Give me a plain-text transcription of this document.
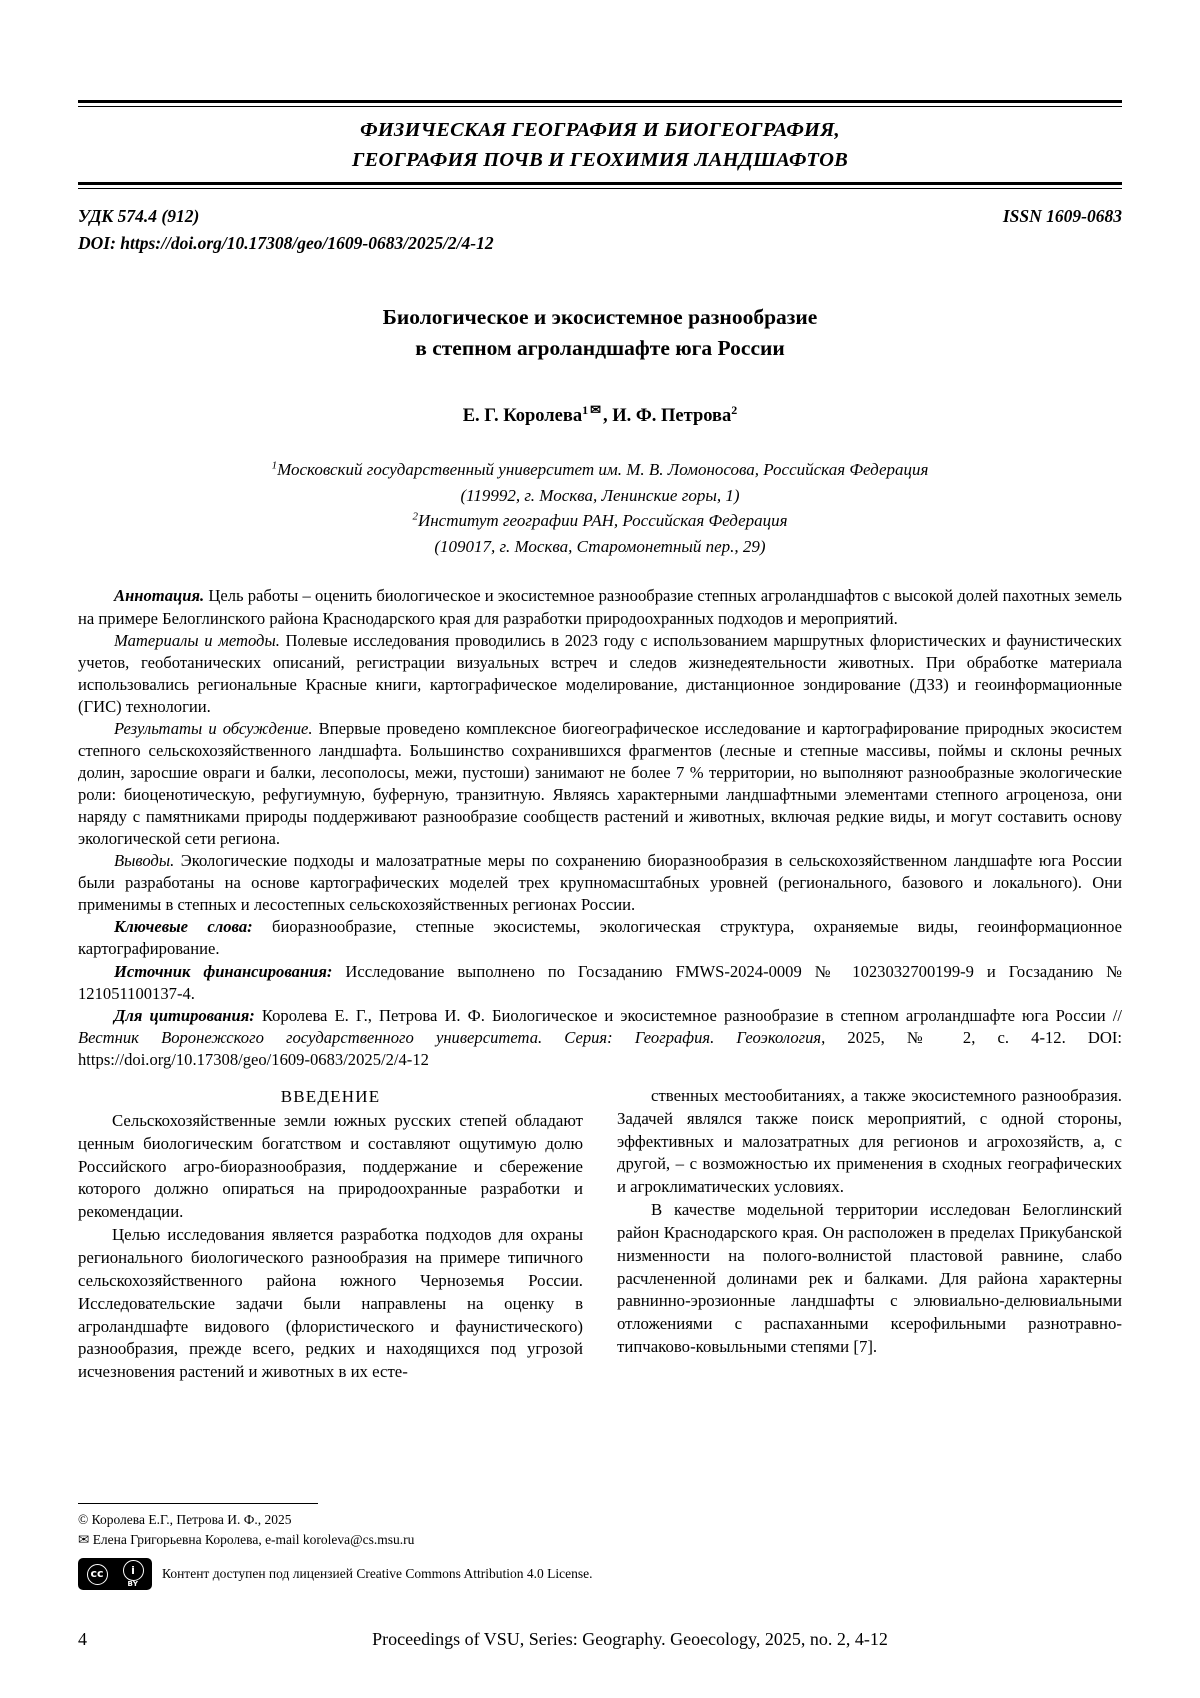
ФИЗИЧЕСКАЯ ГЕОГРАФИЯ И БИОГЕОГРАФИЯ,
ГЕОГРАФИЯ ПОЧВ И ГЕОХИМИЯ ЛАНДШАФТОВ
УДК 574.4 (912)
DOI: https://doi.org/10.17308/geo/1609-0683/2025/2/4-12
ISSN 1609-0683
Биологическое и экосистемное разнообразие
в степном агроландшафте юга России
Е. Г. Королева$^1$ ✉ , И. Ф. Петрова$^2$
$^1$Московский государственный университет им. М. В. Ломоносова, Российская Федерация
(119992, г. Москва, Ленинские горы, 1)
$^2$Институт географии РАН, Российская Федерация
(109017, г. Москва, Старомонетный пер., 29)

Аннотация. Цель работы – оценить биологическое и экосистемное разнообразие степных агроландшафтов с высокой долей пахотных земель на примере Белоглинского района Краснодарского края для разработки природоохранных подходов и мероприятий.

Материалы и методы. Полевые исследования проводились в 2023 году с использованием маршрутных флористических и фаунистических учетов, геоботанических описаний, регистрации визуальных встреч и следов жизнедеятельности животных. При обработке материала использовались региональные Красные книги, картографическое моделирование, дистанционное зондирование (ДЗЗ) и геоинформационные (ГИС) технологии.

Результаты и обсуждение. Впервые проведено комплексное биогеографическое исследование и картографирование природных экосистем степного сельскохозяйственного ландшафта. Большинство сохранившихся фрагментов (лесные и степные массивы, поймы и склоны речных долин, заросшие овраги и балки, лесополосы, межи, пустоши) занимают не более 7 % территории, но выполняют разнообразные экологические роли: биоценотическую, рефугиумную, буферную, транзитную. Являясь характерными ландшафтными элементами степного агроценоза, они наряду с памятниками природы поддерживают разнообразие сообществ растений и животных, включая редкие виды, и могут составить основу экологической сети региона.

Выводы. Экологические подходы и малозатратные меры по сохранению биоразнообразия в сельскохозяйственном ландшафте юга России были разработаны на основе картографических моделей трех крупномасштабных уровней (регионального, базового и локального). Они применимы в степных и лесостепных сельскохозяйственных регионах России.

Ключевые слова: биоразнообразие, степные экосистемы, экологическая структура, охраняемые виды, геоинформационное картографирование.

Источник финансирования: Исследование выполнено по Госзаданию FMWS-2024-0009 № 1023032700199-9 и Госзаданию № 121051100137-4.

Для цитирования: Королева Е. Г., Петрова И. Ф. Биологическое и экосистемное разнообразие в степном агроландшафте юга России // Вестник Воронежского государственного университета. Серия: География. Геоэкология, 2025, № 2, с. 4-12. DOI: https://doi.org/10.17308/geo/1609-0683/2025/2/4-12

ВВЕДЕНИЕ

Сельскохозяйственные земли южных русских степей обладают ценным биологическим богатством и составляют ощутимую долю Российского агро-биоразнообразия, поддержание и сбережение которого должно опираться на природоохранные разработки и рекомендации.

Целью исследования является разработка подходов для охраны регионального биологического разнообразия на примере типичного сельскохозяйственного района южного Черноземья России. Исследовательские задачи были направлены на оценку в агроландшафте видового (флористического и фаунистического) разнообразия, прежде всего, редких и находящихся под угрозой исчезновения растений и животных в их есте-

ственных местообитаниях, а также экосистемного разнообразия. Задачей являлся также поиск мероприятий, с одной стороны, эффективных и малозатратных для регионов и агрохозяйств, а, с другой, – с возможностью их применения в сходных географических и агроклиматических условиях.

В качестве модельной территории исследован Белоглинский район Краснодарского края. Он расположен в пределах Прикубанской низменности на полого-волнистой пластовой равнине, слабо расчлененной долинами рек и балками. Для района характерны равнинно-эрозионные ландшафты с элювиально-делювиальными отложениями с распаханными ксерофильными разнотравно-типчаково-ковыльными степями [7].

© Королева Е.Г., Петрова И. Ф., 2025
✉ Елена Григорьевна Королева, e-mail korolevа@cs.msu.ru
cc	i
BY
Контент доступен под лицензией Creative Commons Attribution 4.0 License.
4	Proceedings of VSU, Series: Geography. Geoecology, 2025, no. 2, 4-12
